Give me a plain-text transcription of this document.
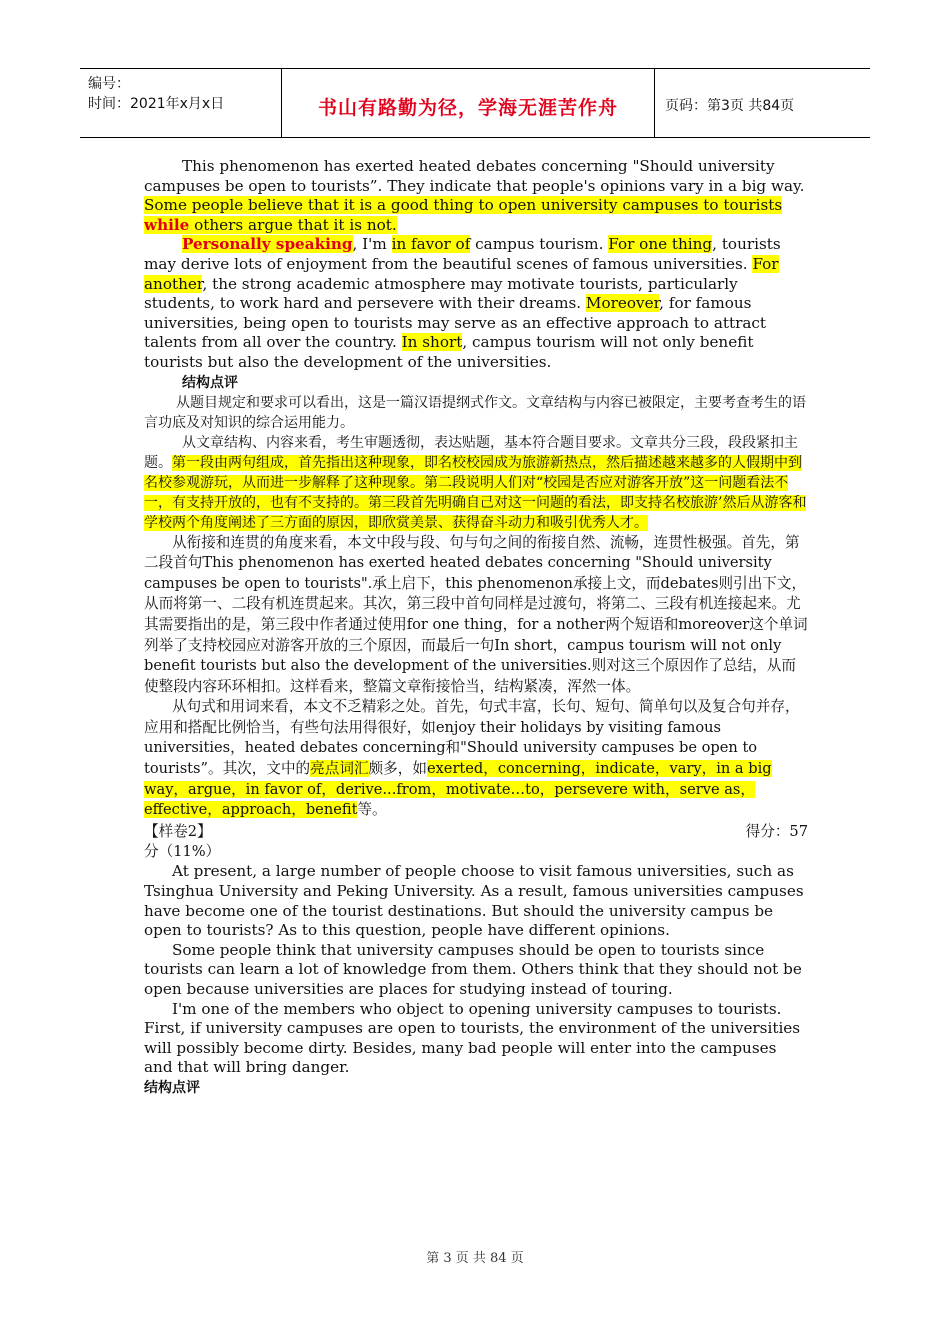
编号：
时间：2021年x月x日	书山有路勤为径，学海无涯苦作舟	页码：第3页 共84页

This phenomenon has exerted heated debates concerning "Should university campuses be open to tourists”. They indicate that people's opinions vary in a big way. Some people believe that it is a good thing to open university campuses to tourists while others argue that it is not.

Personally speaking, I'm in favor of campus tourism. For one thing, tourists may derive lots of enjoyment from the beautiful scenes of famous universities. For another, the strong academic atmosphere may motivate tourists, particularly students, to work hard and persevere with their dreams. Moreover, for famous universities, being open to tourists may serve as an effective approach to attract talents from all over the country. In short, campus tourism will not only benefit tourists but also the development of the universities.

结构点评

从题目规定和要求可以看出，这是一篇汉语提纲式作文。文章结构与内容已被限定，主要考查考生的语言功底及对知识的综合运用能力。

从文章结构、内容来看，考生审题透彻，表达贴题，基本符合题目要求。文章共分三段，段段紧扣主题。第一段由两句组成，首先指出这种现象，即名校校园成为旅游新热点，然后描述越来越多的人假期中到名校参观游玩，从而进一步解释了这种现象。第二段说明人们对“校园是否应对游客开放”这一问题看法不一，有支持开放的，也有不支持的。第三段首先明确自己对这一问题的看法，即支持名校旅游’然后从游客和学校两个角度阐述了三方面的原因，即欣赏美景、获得奋斗动力和吸引优秀人才。

从衔接和连贯的角度来看，本文中段与段、句与句之间的衔接自然、流畅，连贯性极强。首先，第二段首句This phenomenon has exerted heated debates concerning "Should university campuses be open to tourists".承上启下，this phenomenon承接上文，而debates则引出下文，从而将第一、二段有机连贯起来。其次，第三段中首句同样是过渡句，将第二、三段有机连接起来。尤其需要指出的是，第三段中作者通过使用for one thing，for a nother两个短语和moreover这个单词列举了支持校园应对游客开放的三个原因，而最后一句In short，campus tourism will not only benefit tourists but also the development of the universities.则对这三个原因作了总结，从而使整段内容环环相扣。这样看来，整篇文章衔接恰当，结构紧凑，浑然一体。

从句式和用词来看，本文不乏精彩之处。首先，句式丰富，长句、短句、简单句以及复合句并存，应用和搭配比例恰当，有些句法用得很好，如enjoy their holidays by visiting famous universities，heated debates concerning和"Should university campuses be open to tourists”。其次，文中的亮点词汇颇多，如exerted，concerning，indicate，vary，in a big way，argue，in favor of，derive...from，motivate…to，persevere with，serve as，effective，approach，benefit等。

【样卷2】	得分：57

分（11%）

At present, a large number of people choose to visit famous universities, such as Tsinghua University and Peking University. As a result, famous universities campuses have become one of the tourist destinations. But should the university campus be open to tourists? As to this question, people have different opinions.

Some people think that university campuses should be open to tourists since tourists can learn a lot of knowledge from them. Others think that they should not be open because universities are places for studying instead of touring.

I'm one of the members who object to opening university campuses to tourists. First, if university campuses are open to tourists, the environment of the universities will possibly become dirty. Besides, many bad people will enter into the campuses and that will bring danger.

结构点评

第 3 页 共 84 页
